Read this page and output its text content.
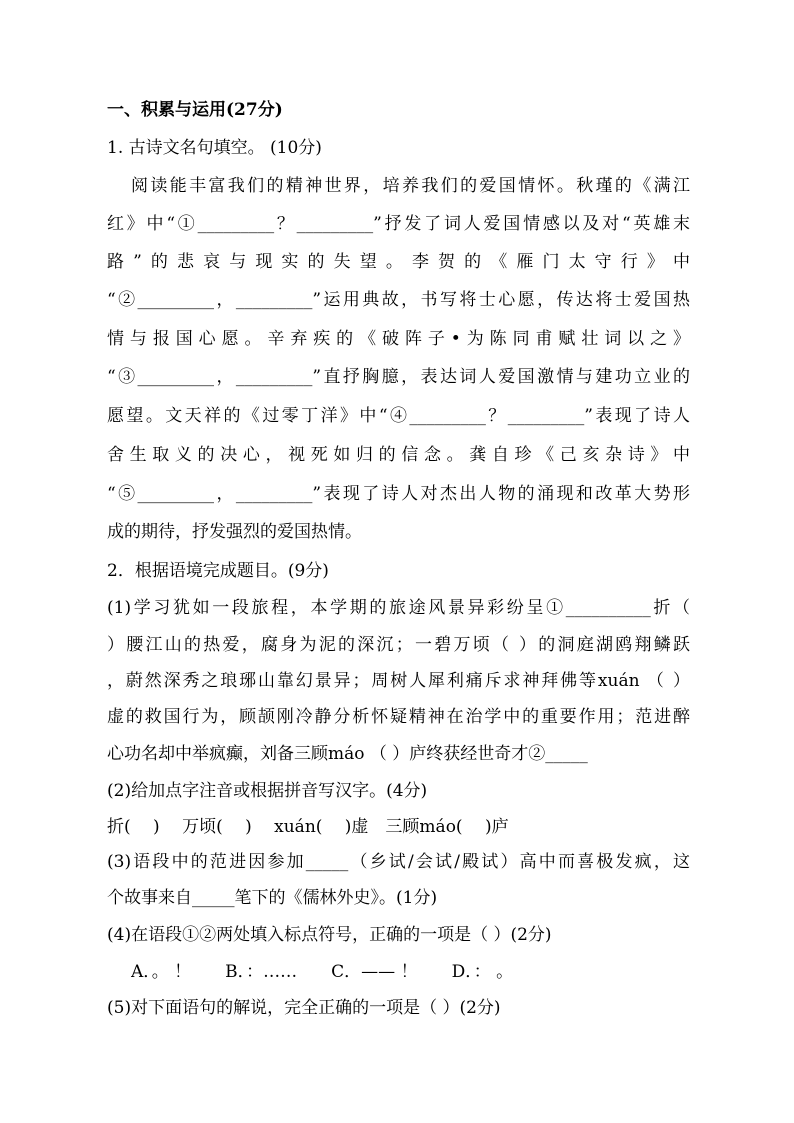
一、积累与运用(27分)
1. 古诗文名句填空。 (10分)
阅读能丰富我们的精神世界，培养我们的爱国情怀。秋瑾的《满江
红》中“①_________？_________”抒发了词人爱国情感以及对“英雄末
路”的悲哀与现实的失望。李贺的《雁门太守行》中
“②_________，_________”运用典故，书写将士心愿，传达将士爱国热
情与报国心愿。辛弃疾的《破阵子•为陈同甫赋壮词以之》
“③_________，_________”直抒胸臆，表达词人爱国激情与建功立业的
愿望。文天祥的《过零丁洋》中“④_________？_________”表现了诗人
舍生取义的决心，视死如归的信念。龚自珍《己亥杂诗》中
“⑤_________，_________”表现了诗人对杰出人物的涌现和改革大势形
成的期待，抒发强烈的爱国热情。
2．根据语境完成题目。(9分)
(1)学习犹如一段旅程，本学期的旅途风景异彩纷呈①__________折（
）腰江山的热爱，腐身为泥的深沉；一碧万顷（ ）的洞庭湖鸥翔鳞跃
，蔚然深秀之琅琊山靠幻景异；周树人犀利痛斥求神拜佛等xuán （ ）
虚的救国行为，顾颉刚冷静分析怀疑精神在治学中的重要作用；范进醉
心功名却中举疯癫，刘备三顾máo （ ）庐终获经世奇才②_____
(2)给加点字注音或根据拼音写汉字。(4分)
折(　 )　 万顷(　 )　 xuán(　 )虚　三顾máo(　 )庐
(3)语段中的范进因参加_____（乡试/会试/殿试）高中而喜极发疯，这
个故事来自_____笔下的《儒林外史》。(1分)
(4)在语段①②两处填入标点符号，正确的一项是（ ）(2分)
A．。 ！　　B．：……　　C．—— ！　　D．： 。
(5)对下面语句的解说，完全正确的一项是（ ）(2分)
